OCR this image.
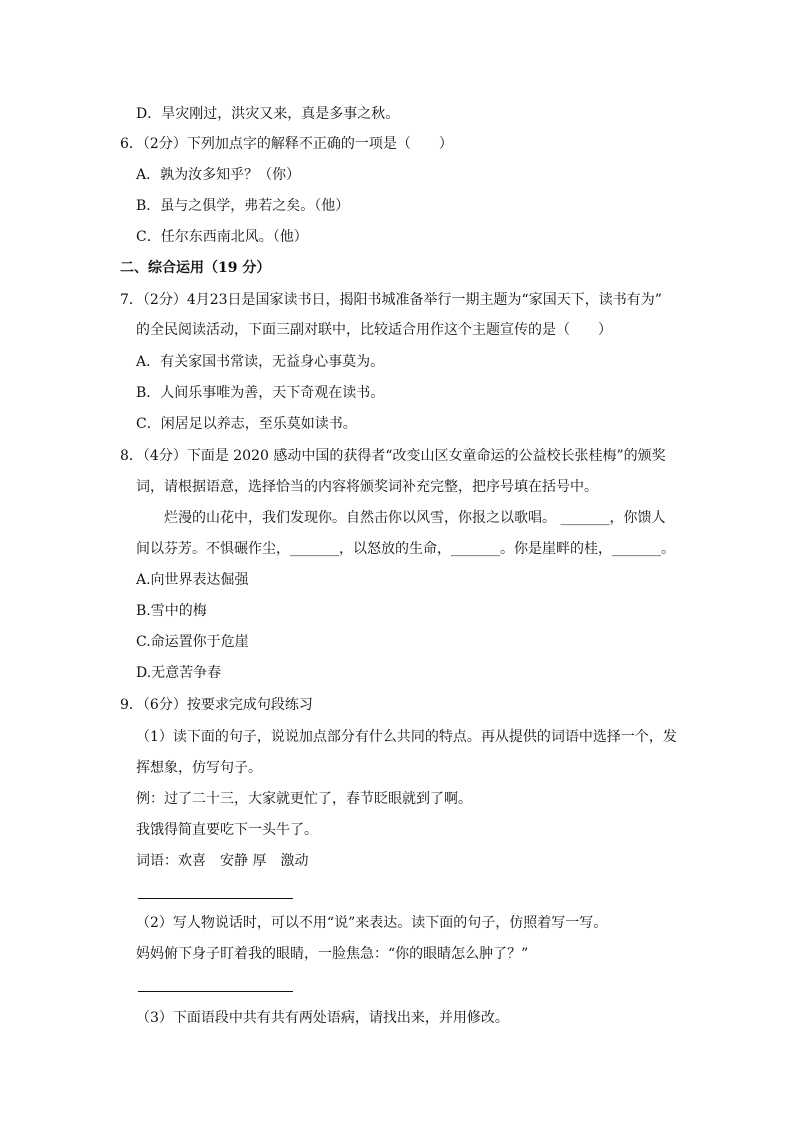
D．旱灾刚过，洪灾又来，真是多事之秋。
6．（2分）下列加点字的解释不正确的一项是（　　）
A．孰为汝多知乎？（你）
B．虽与之俱学，弗若之矣。（他）
C．任尔东西南北风。（他）
二、综合运用（19 分）
7．（2分）4月23日是国家读书日，揭阳书城准备举行一期主题为“家国天下，读书有为”
的全民阅读活动，下面三副对联中，比较适合用作这个主题宣传的是（　　）
A．有关家国书常读，无益身心事莫为。
B．人间乐事唯为善，天下奇观在读书。
C．闲居足以养志，至乐莫如读书。
8．（4分）下面是 2020 感动中国的获得者“改变山区女童命运的公益校长张桂梅”的颁奖
词，请根据语意，选择恰当的内容将颁奖词补充完整，把序号填在括号中。
烂漫的山花中，我们发现你。自然击你以风雪，你报之以歌唱。 _______，你馈人
间以芬芳。不惧碾作尘，_______，以怒放的生命，_______。你是崖畔的桂，_______。
A.向世界表达倔强
B.雪中的梅
C.命运置你于危崖
D.无意苦争春
9．（6分）按要求完成句段练习
（1）读下面的句子，说说加点部分有什么共同的特点。再从提供的词语中选择一个，发
挥想象，仿写句子。
例：过了二十三，大家就更忙了，春节眨眼就到了啊。
我饿得简直要吃下一头牛了。
词语：欢喜　安静 厚　激动
（2）写人物说话时，可以不用“说”来表达。读下面的句子，仿照着写一写。
妈妈俯下身子盯着我的眼睛，一脸焦急：“你的眼睛怎么肿了？”
（3）下面语段中共有共有两处语病，请找出来，并用修改。
